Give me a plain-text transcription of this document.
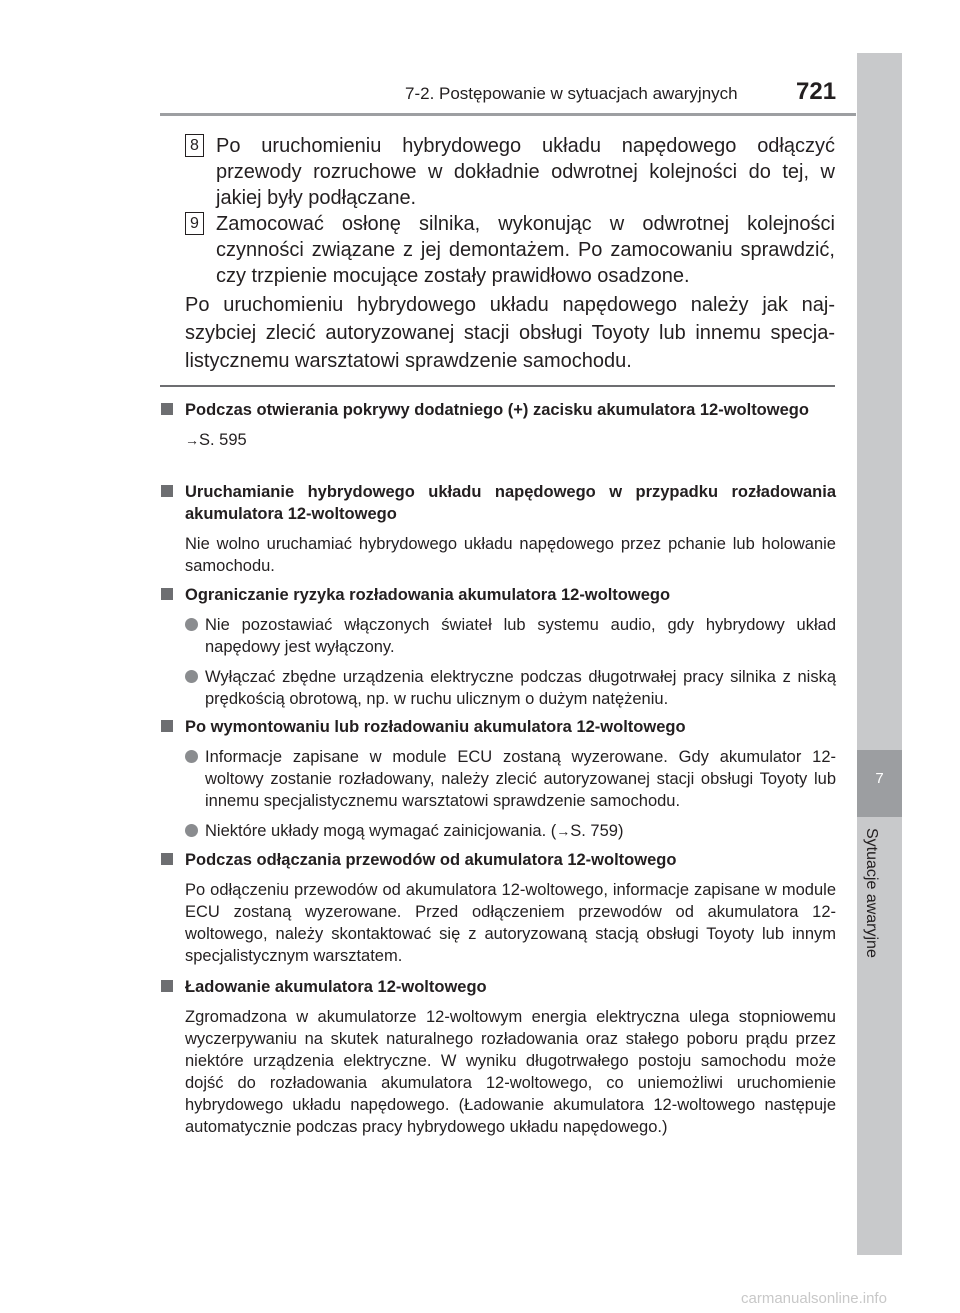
7-2. Postępowanie w sytuacjach awaryjnych 721
7
Sytuacje awaryjne
8 Po uruchomieniu hybrydowego układu napędowego odłączyć przewody rozruchowe w dokładnie odwrotnej kolejności do tej, w jakiej były podłączane.
9 Zamocować osłonę silnika, wykonując w odwrotnej kolejności czynności związane z jej demontażem. Po zamocowaniu sprawdzić, czy trzpienie mocujące zostały prawidłowo osadzone.
Po uruchomieniu hybrydowego układu napędowego należy jak najszybciej zlecić autoryzowanej stacji obsługi Toyoty lub innemu specjalistycznemu warsztatowi sprawdzenie samochodu.
Podczas otwierania pokrywy dodatniego (+) zacisku akumulatora 12-woltowego
→S. 595
Uruchamianie hybrydowego układu napędowego w przypadku rozładowania akumulatora 12-woltowego
Nie wolno uruchamiać hybrydowego układu napędowego przez pchanie lub holowanie samochodu.
Ograniczanie ryzyka rozładowania akumulatora 12-woltowego
Nie pozostawiać włączonych świateł lub systemu audio, gdy hybrydowy układ napędowy jest wyłączony.
Wyłączać zbędne urządzenia elektryczne podczas długotrwałej pracy silnika z niską prędkością obrotową, np. w ruchu ulicznym o dużym natężeniu.
Po wymontowaniu lub rozładowaniu akumulatora 12-woltowego
Informacje zapisane w module ECU zostaną wyzerowane. Gdy akumulator 12-woltowy zostanie rozładowany, należy zlecić autoryzowanej stacji obsługi Toyoty lub innemu specjalistycznemu warsztatowi sprawdzenie samochodu.
Niektóre układy mogą wymagać zainicjowania. (→S. 759)
Podczas odłączania przewodów od akumulatora 12-woltowego
Po odłączeniu przewodów od akumulatora 12-woltowego, informacje zapisane w module ECU zostaną wyzerowane. Przed odłączeniem przewodów od akumulatora 12-woltowego, należy skontaktować się z autoryzowaną stacją obsługi Toyoty lub innym specjalistycznym warsztatem.
Ładowanie akumulatora 12-woltowego
Zgromadzona w akumulatorze 12-woltowym energia elektryczna ulega stopniowemu wyczerpywaniu na skutek naturalnego rozładowania oraz stałego poboru prądu przez niektóre urządzenia elektryczne. W wyniku długotrwałego postoju samochodu może dojść do rozładowania akumulatora 12-woltowego, co uniemożliwi uruchomienie hybrydowego układu napędowego. (Ładowanie akumulatora 12-woltowego następuje automatycznie podczas pracy hybrydowego układu napędowego.)
carmanualsonline.info
